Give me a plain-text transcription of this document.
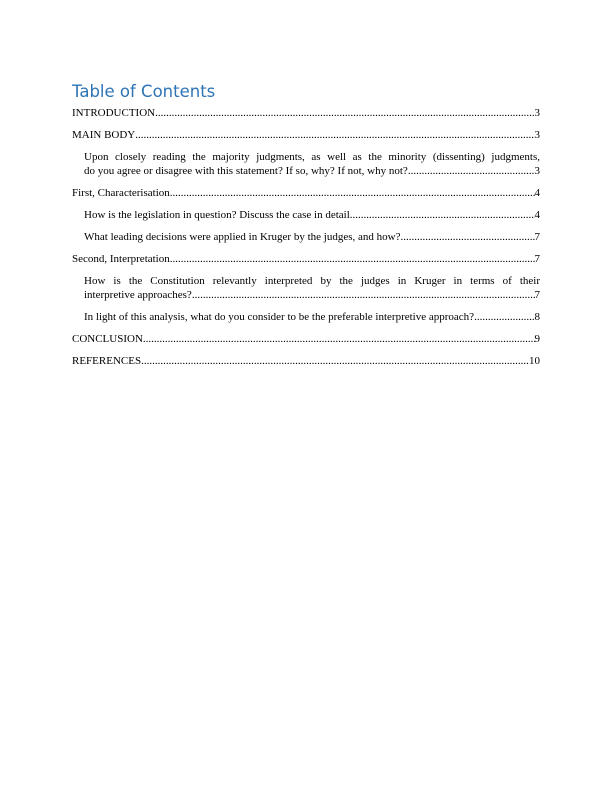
Table of Contents
INTRODUCTION .....	3
MAIN BODY .....	3
Upon closely reading the majority judgments, as well as the minority (dissenting) judgments,
do you agree or disagree with this statement? If so, why? If not, why not? .....	3
First, Characterisation .....	4
How is the legislation in question? Discuss the case in detail. .....	4
What leading decisions were applied in Kruger by the judges, and how? .....	7
Second, Interpretation .....	7
How is the Constitution relevantly interpreted by the judges in Kruger in terms of their
interpretive approaches? .....	7
In light of this analysis, what do you consider to be the preferable interpretive approach? .....	8
CONCLUSION .....	9
REFERENCES .....	10
